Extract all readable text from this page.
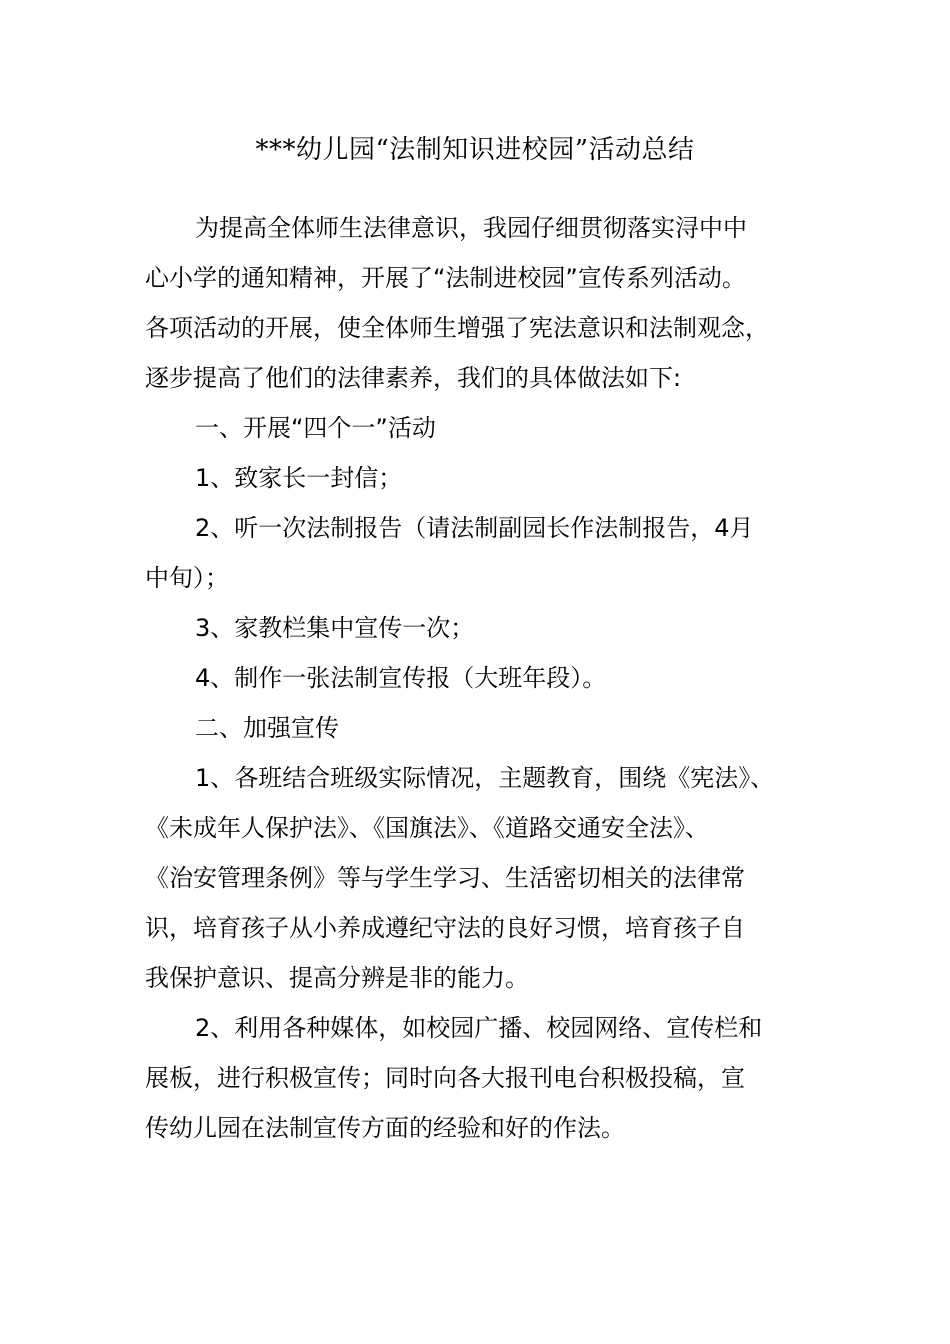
***幼儿园“法制知识进校园”活动总结
为提高全体师生法律意识，我园仔细贯彻落实浔中中
心小学的通知精神，开展了“法制进校园”宣传系列活动。
各项活动的开展，使全体师生增强了宪法意识和法制观念，
逐步提高了他们的法律素养，我们的具体做法如下:
一、开展“四个一”活动
1、致家长一封信；
2、听一次法制报告（请法制副园长作法制报告，4月
中旬）；
3、家教栏集中宣传一次；
4、制作一张法制宣传报（大班年段）。
二、加强宣传
1、各班结合班级实际情况，主题教育，围绕《宪法》、
《未成年人保护法》、《国旗法》、《道路交通安全法》、
《治安管理条例》等与学生学习、生活密切相关的法律常
识，培育孩子从小养成遵纪守法的良好习惯，培育孩子自
我保护意识、提高分辨是非的能力。
2、利用各种媒体，如校园广播、校园网络、宣传栏和
展板，进行积极宣传；同时向各大报刊电台积极投稿，宣
传幼儿园在法制宣传方面的经验和好的作法。
